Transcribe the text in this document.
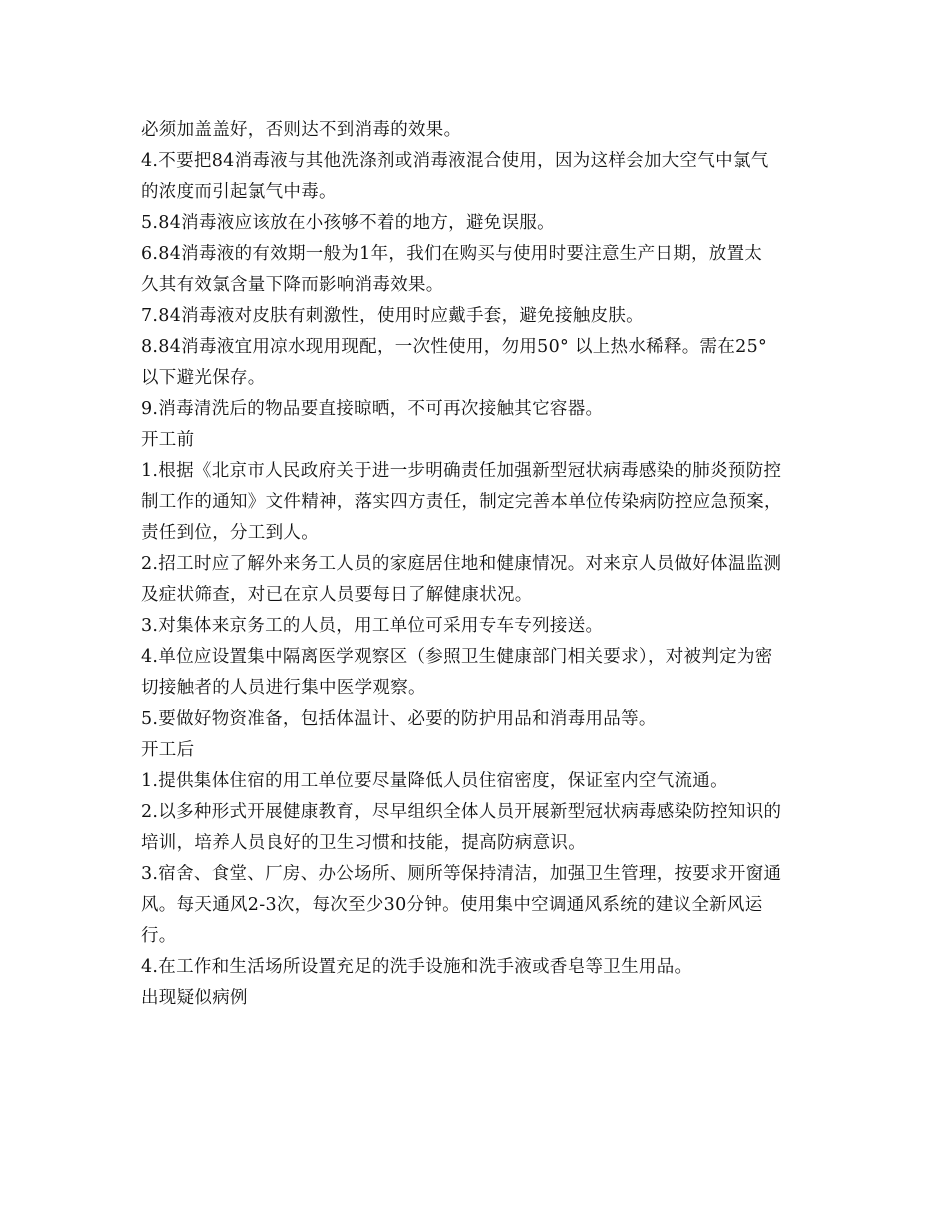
必须加盖盖好，否则达不到消毒的效果。
4.不要把84消毒液与其他洗涤剂或消毒液混合使用，因为这样会加大空气中氯气
的浓度而引起氯气中毒。
5.84消毒液应该放在小孩够不着的地方，避免误服。
6.84消毒液的有效期一般为1年，我们在购买与使用时要注意生产日期，放置太
久其有效氯含量下降而影响消毒效果。
7.84消毒液对皮肤有刺激性，使用时应戴手套，避免接触皮肤。
8.84消毒液宜用凉水现用现配，一次性使用，勿用50° 以上热水稀释。需在25°
以下避光保存。
9.消毒清洗后的物品要直接晾晒，不可再次接触其它容器。
开工前
1.根据《北京市人民政府关于进一步明确责任加强新型冠状病毒感染的肺炎预防控
制工作的通知》文件精神，落实四方责任，制定完善本单位传染病防控应急预案，
责任到位，分工到人。
2.招工时应了解外来务工人员的家庭居住地和健康情况。对来京人员做好体温监测
及症状筛查，对已在京人员要每日了解健康状况。
3.对集体来京务工的人员，用工单位可采用专车专列接送。
4.单位应设置集中隔离医学观察区（参照卫生健康部门相关要求），对被判定为密
切接触者的人员进行集中医学观察。
5.要做好物资准备，包括体温计、必要的防护用品和消毒用品等。
开工后
1.提供集体住宿的用工单位要尽量降低人员住宿密度，保证室内空气流通。
2.以多种形式开展健康教育，尽早组织全体人员开展新型冠状病毒感染防控知识的
培训，培养人员良好的卫生习惯和技能，提高防病意识。
3.宿舍、食堂、厂房、办公场所、厕所等保持清洁，加强卫生管理，按要求开窗通
风。每天通风2-3次，每次至少30分钟。使用集中空调通风系统的建议全新风运
行。
4.在工作和生活场所设置充足的洗手设施和洗手液或香皂等卫生用品。
出现疑似病例
